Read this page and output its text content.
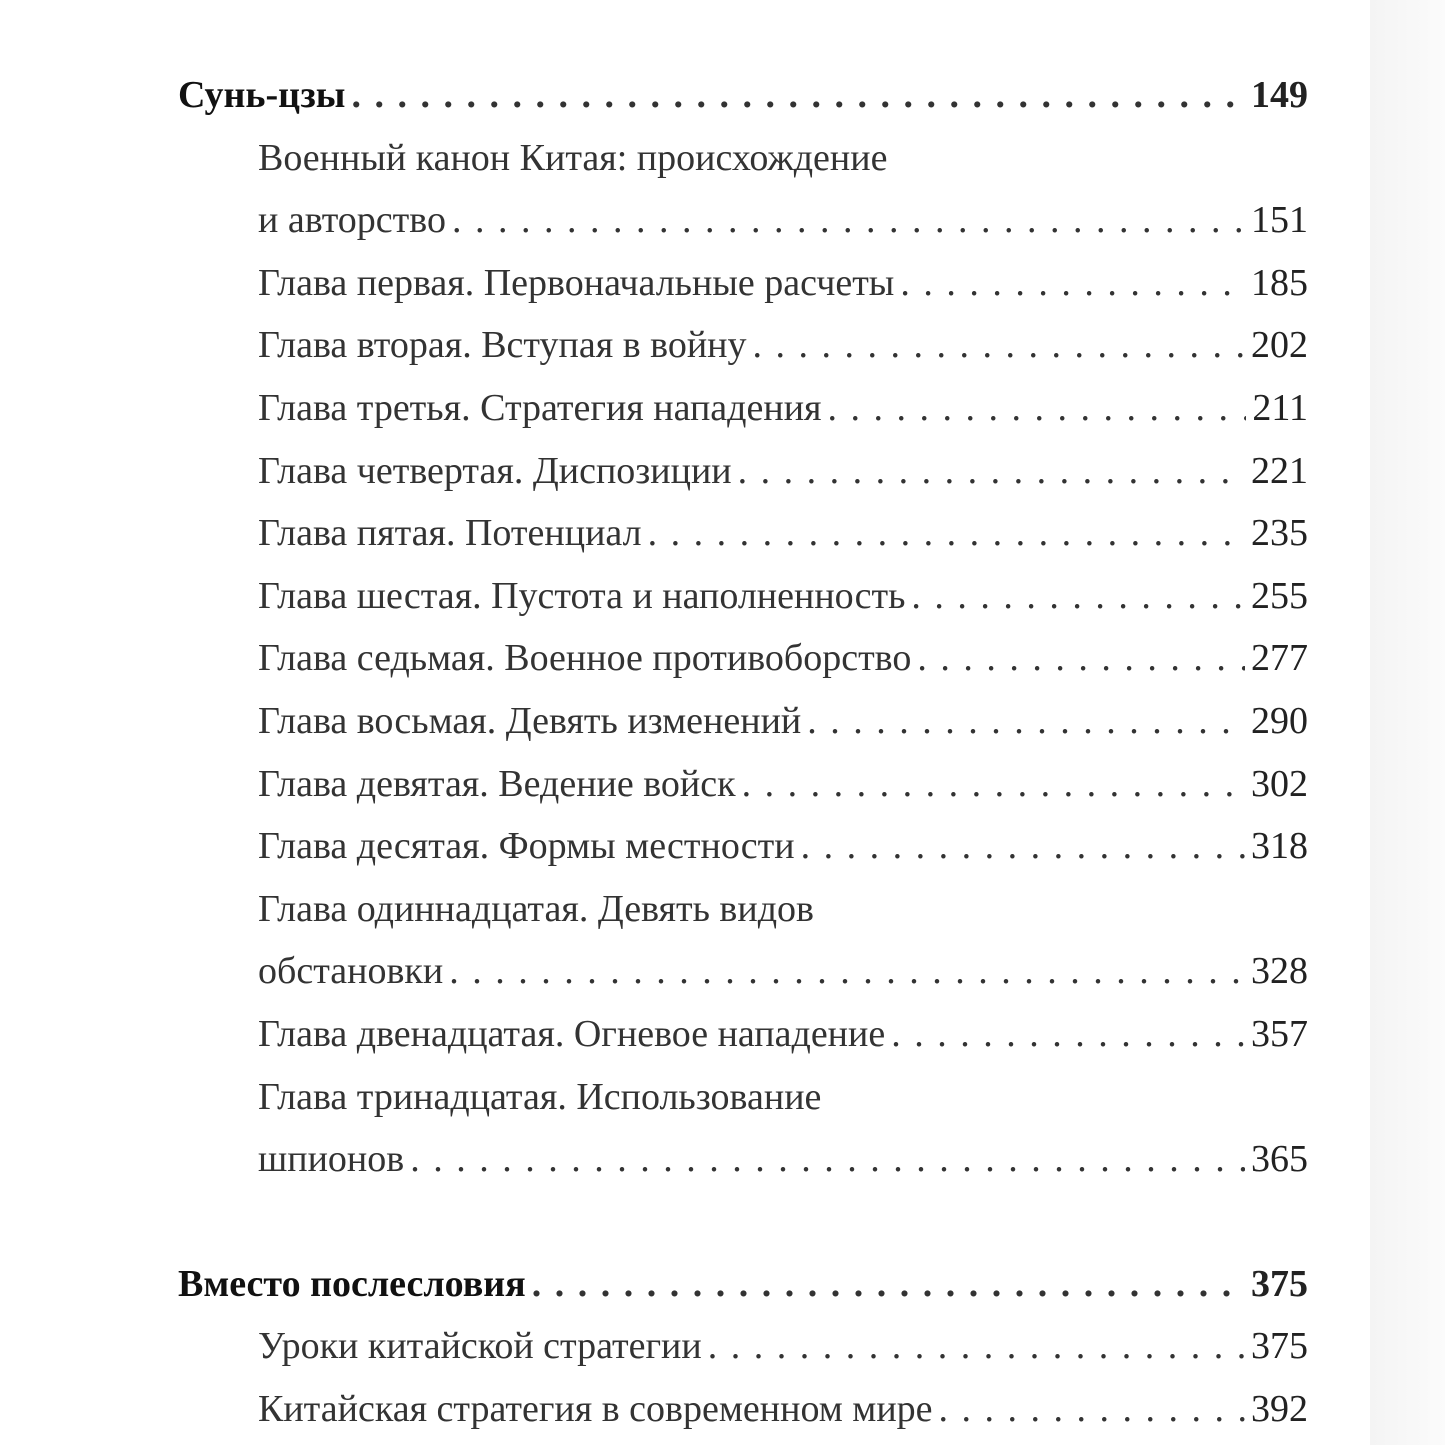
Сунь-цзы . . .	149
Военный канон Китая: происхождение
и авторство . . .	151
Глава первая. Первоначальные расчеты . . .	185
Глава вторая. Вступая в войну . . .	202
Глава третья. Стратегия нападения . . .	211
Глава четвертая. Диспозиции . . .	221
Глава пятая. Потенциал . . .	235
Глава шестая. Пустота и наполненность . . .	255
Глава седьмая. Военное противоборство . . .	277
Глава восьмая. Девять изменений . . .	290
Глава девятая. Ведение войск . . .	302
Глава десятая. Формы местности . . .	318
Глава одиннадцатая. Девять видов
обстановки . . .	328
Глава двенадцатая. Огневое нападение . . .	357
Глава тринадцатая. Использование
шпионов . . .	365
Вместо послесловия . . .	375
Уроки китайской стратегии . . .	375
Китайская стратегия в современном мире . . .	392
